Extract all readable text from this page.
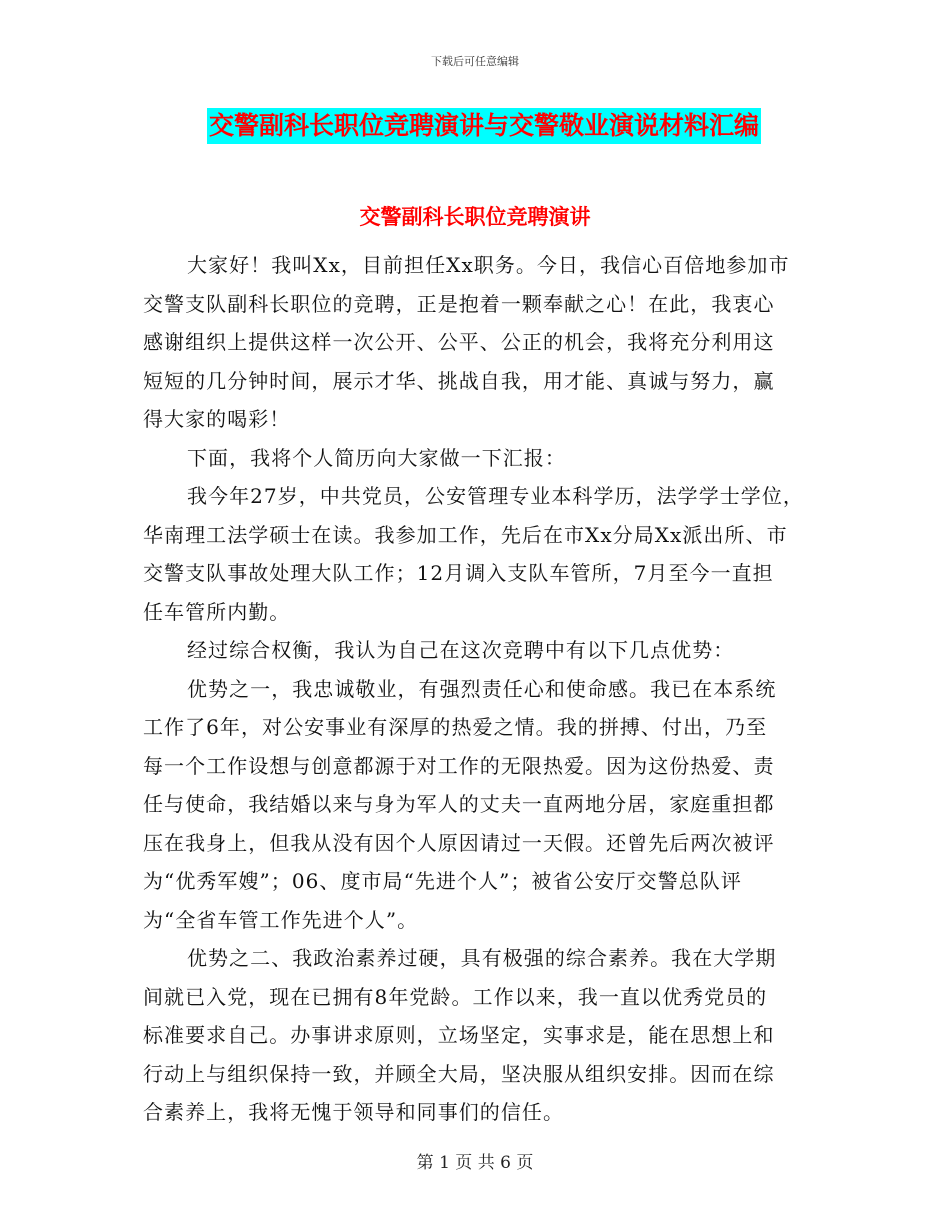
下载后可任意编辑
交警副科长职位竞聘演讲与交警敬业演说材料汇编
交警副科长职位竞聘演讲
大家好！我叫Xx，目前担任Xx职务。今日，我信心百倍地参加市
交警支队副科长职位的竞聘，正是抱着一颗奉献之心！在此，我衷心
感谢组织上提供这样一次公开、公平、公正的机会，我将充分利用这
短短的几分钟时间，展示才华、挑战自我，用才能、真诚与努力，赢
得大家的喝彩！
下面，我将个人简历向大家做一下汇报：
我今年27岁，中共党员，公安管理专业本科学历，法学学士学位，
华南理工法学硕士在读。我参加工作，先后在市Xx分局Xx派出所、市
交警支队事故处理大队工作；12月调入支队车管所，7月至今一直担
任车管所内勤。
经过综合权衡，我认为自己在这次竞聘中有以下几点优势：
优势之一，我忠诚敬业，有强烈责任心和使命感。我已在本系统
工作了6年，对公安事业有深厚的热爱之情。我的拼搏、付出，乃至
每一个工作设想与创意都源于对工作的无限热爱。因为这份热爱、责
任与使命，我结婚以来与身为军人的丈夫一直两地分居，家庭重担都
压在我身上，但我从没有因个人原因请过一天假。还曾先后两次被评
为“优秀军嫂”；06、度市局“先进个人”；被省公安厅交警总队评
为“全省车管工作先进个人”。
优势之二、我政治素养过硬，具有极强的综合素养。我在大学期
间就已入党，现在已拥有8年党龄。工作以来，我一直以优秀党员的
标准要求自己。办事讲求原则，立场坚定，实事求是，能在思想上和
行动上与组织保持一致，并顾全大局，坚决服从组织安排。因而在综
合素养上，我将无愧于领导和同事们的信任。
第 1 页 共 6 页
